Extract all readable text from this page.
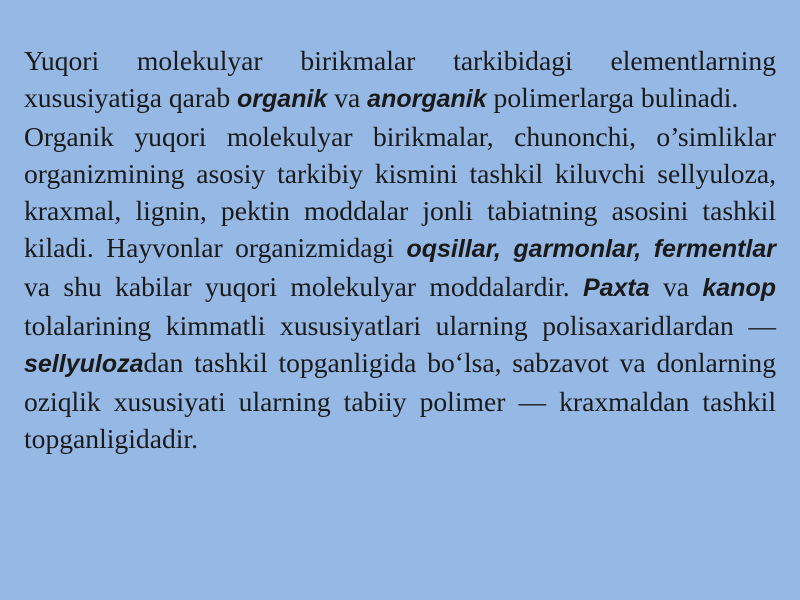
Yuqori molekulyar birikmalar tarkibidagi elementlarning xususiyatiga qarab organik va anorganik polimerlarga bulinadi.

Organik yuqori molekulyar birikmalar, chunonchi, o’simliklar organizmining asosiy tarkibiy kismini tashkil kiluvchi sellyuloza, kraxmal, lignin, pektin moddalar jonli tabiatning asosini tashkil kiladi. Hayvonlar organizmidagi oqsillar, garmonlar, fermentlar va shu kabilar yuqori molekulyar moddalardir. Paxta va kanop tolalarining kimmatli xususiyatlari ularning polisaxaridlardan — sellyulozadan tashkil topganligida bo‘lsa, sabzavot va donlarning oziqlik xususiyati ularning tabiiy polimer — kraxmaldan tashkil topganligidadir.
